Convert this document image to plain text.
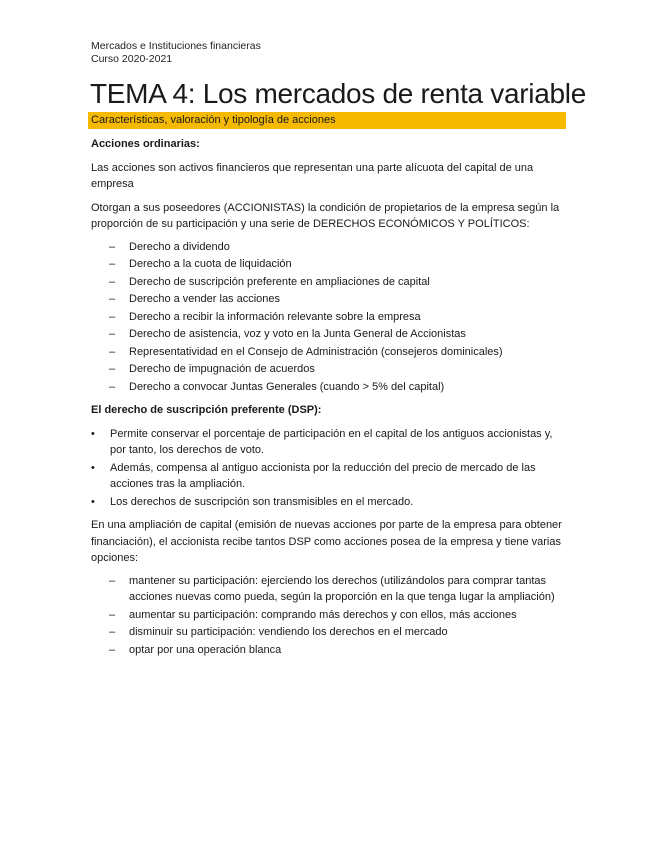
Mercados e Instituciones financieras
Curso 2020-2021
TEMA 4: Los mercados de renta variable
Características, valoración y tipología de acciones

Acciones ordinarias:

Las acciones son activos financieros que representan una parte alícuota del capital de una empresa

Otorgan a sus poseedores (ACCIONISTAS) la condición de propietarios de la empresa según la proporción de su participación y una serie de DERECHOS ECONÓMICOS Y POLÍTICOS:

– Derecho a dividendo
– Derecho a la cuota de liquidación
– Derecho de suscripción preferente en ampliaciones de capital
– Derecho a vender las acciones
– Derecho a recibir la información relevante sobre la empresa
– Derecho de asistencia, voz y voto en la Junta General de Accionistas
– Representatividad en el Consejo de Administración (consejeros dominicales)
– Derecho de impugnación de acuerdos
– Derecho a convocar Juntas Generales (cuando > 5% del capital)

El derecho de suscripción preferente (DSP):

• Permite conservar el porcentaje de participación en el capital de los antiguos accionistas y, por tanto, los derechos de voto.
• Además, compensa al antiguo accionista por la reducción del precio de mercado de las acciones tras la ampliación.
• Los derechos de suscripción son transmisibles en el mercado.

En una ampliación de capital (emisión de nuevas acciones por parte de la empresa para obtener financiación), el accionista recibe tantos DSP como acciones posea de la empresa y tiene varias opciones:

– mantener su participación: ejerciendo los derechos (utilizándolos para comprar tantas acciones nuevas como pueda, según la proporción en la que tenga lugar la ampliación)
– aumentar su participación: comprando más derechos y con ellos, más acciones
– disminuir su participación: vendiendo los derechos en el mercado
– optar por una operación blanca
